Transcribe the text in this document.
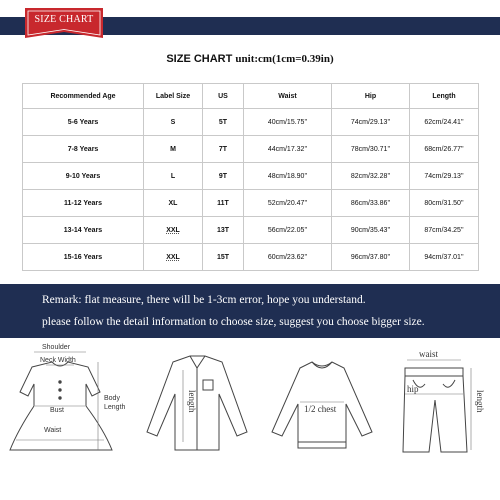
SIZE CHART
SIZE CHART unit:cm(1cm=0.39in)
Recommended Age	Label Size	US	Waist	Hip	Length
5-6 Years	S	5T	40cm/15.75''	74cm/29.13''	62cm/24.41''
7-8 Years	M	7T	44cm/17.32''	78cm/30.71''	68cm/26.77''
9-10 Years	L	9T	48cm/18.90''	82cm/32.28''	74cm/29.13''
11-12 Years	XL	11T	52cm/20.47''	86cm/33.86''	80cm/31.50''
13-14 Years	XXL	13T	56cm/22.05''	90cm/35.43''	87cm/34.25''
15-16 Years	XXL	15T	60cm/23.62''	96cm/37.80''	94cm/37.01''
Remark: flat measure, there will be 1-3cm error, hope you understand.
please follow the detail information to choose size, suggest you choose bigger size.
Shoulder
Neck Width
Bust
Waist
Body
Length	length	1/2 chest
waist
hip
length
